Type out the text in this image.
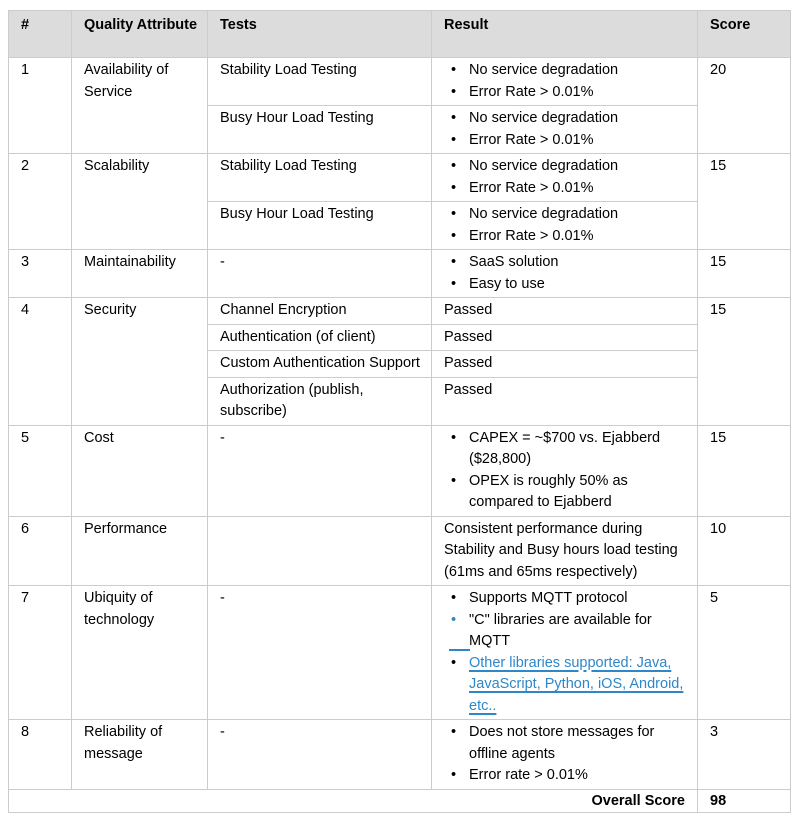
#	Quality Attribute	Tests	Result	Score
1	Availability of Service	Stability Load Testing	• No service degradation
• Error Rate > 0.01%	20
		Busy Hour Load Testing	• No service degradation
• Error Rate > 0.01%	

2	Scalability	Stability Load Testing	• No service degradation
• Error Rate > 0.01%	15
		Busy Hour Load Testing	• No service degradation
• Error Rate > 0.01%	

3	Maintainability	-	• SaaS solution
• Easy to use	15
4	Security	Channel Encryption	Passed	15
		Authentication (of client)	Passed	
		Custom Authentication Support	Passed	
		Authorization (publish, subscribe)	Passed	
5	Cost	-	• CAPEX = ~$700 vs. Ejabberd ($28,800)
• OPEX is roughly 50% as compared to Ejabberd	15
6	Performance		Consistent performance during Stability and Busy hours load testing (61ms and 65ms respectively)	10
7	Ubiquity of technology	-	• Supports MQTT protocol
• "C" libraries are available for MQTT
• Other libraries supported: Java, JavaScript, Python, iOS, Android, etc..
	5
8	Reliability of message	-	• Does not store messages for offline agents
• Error rate > 0.01%	3
Overall Score				98
